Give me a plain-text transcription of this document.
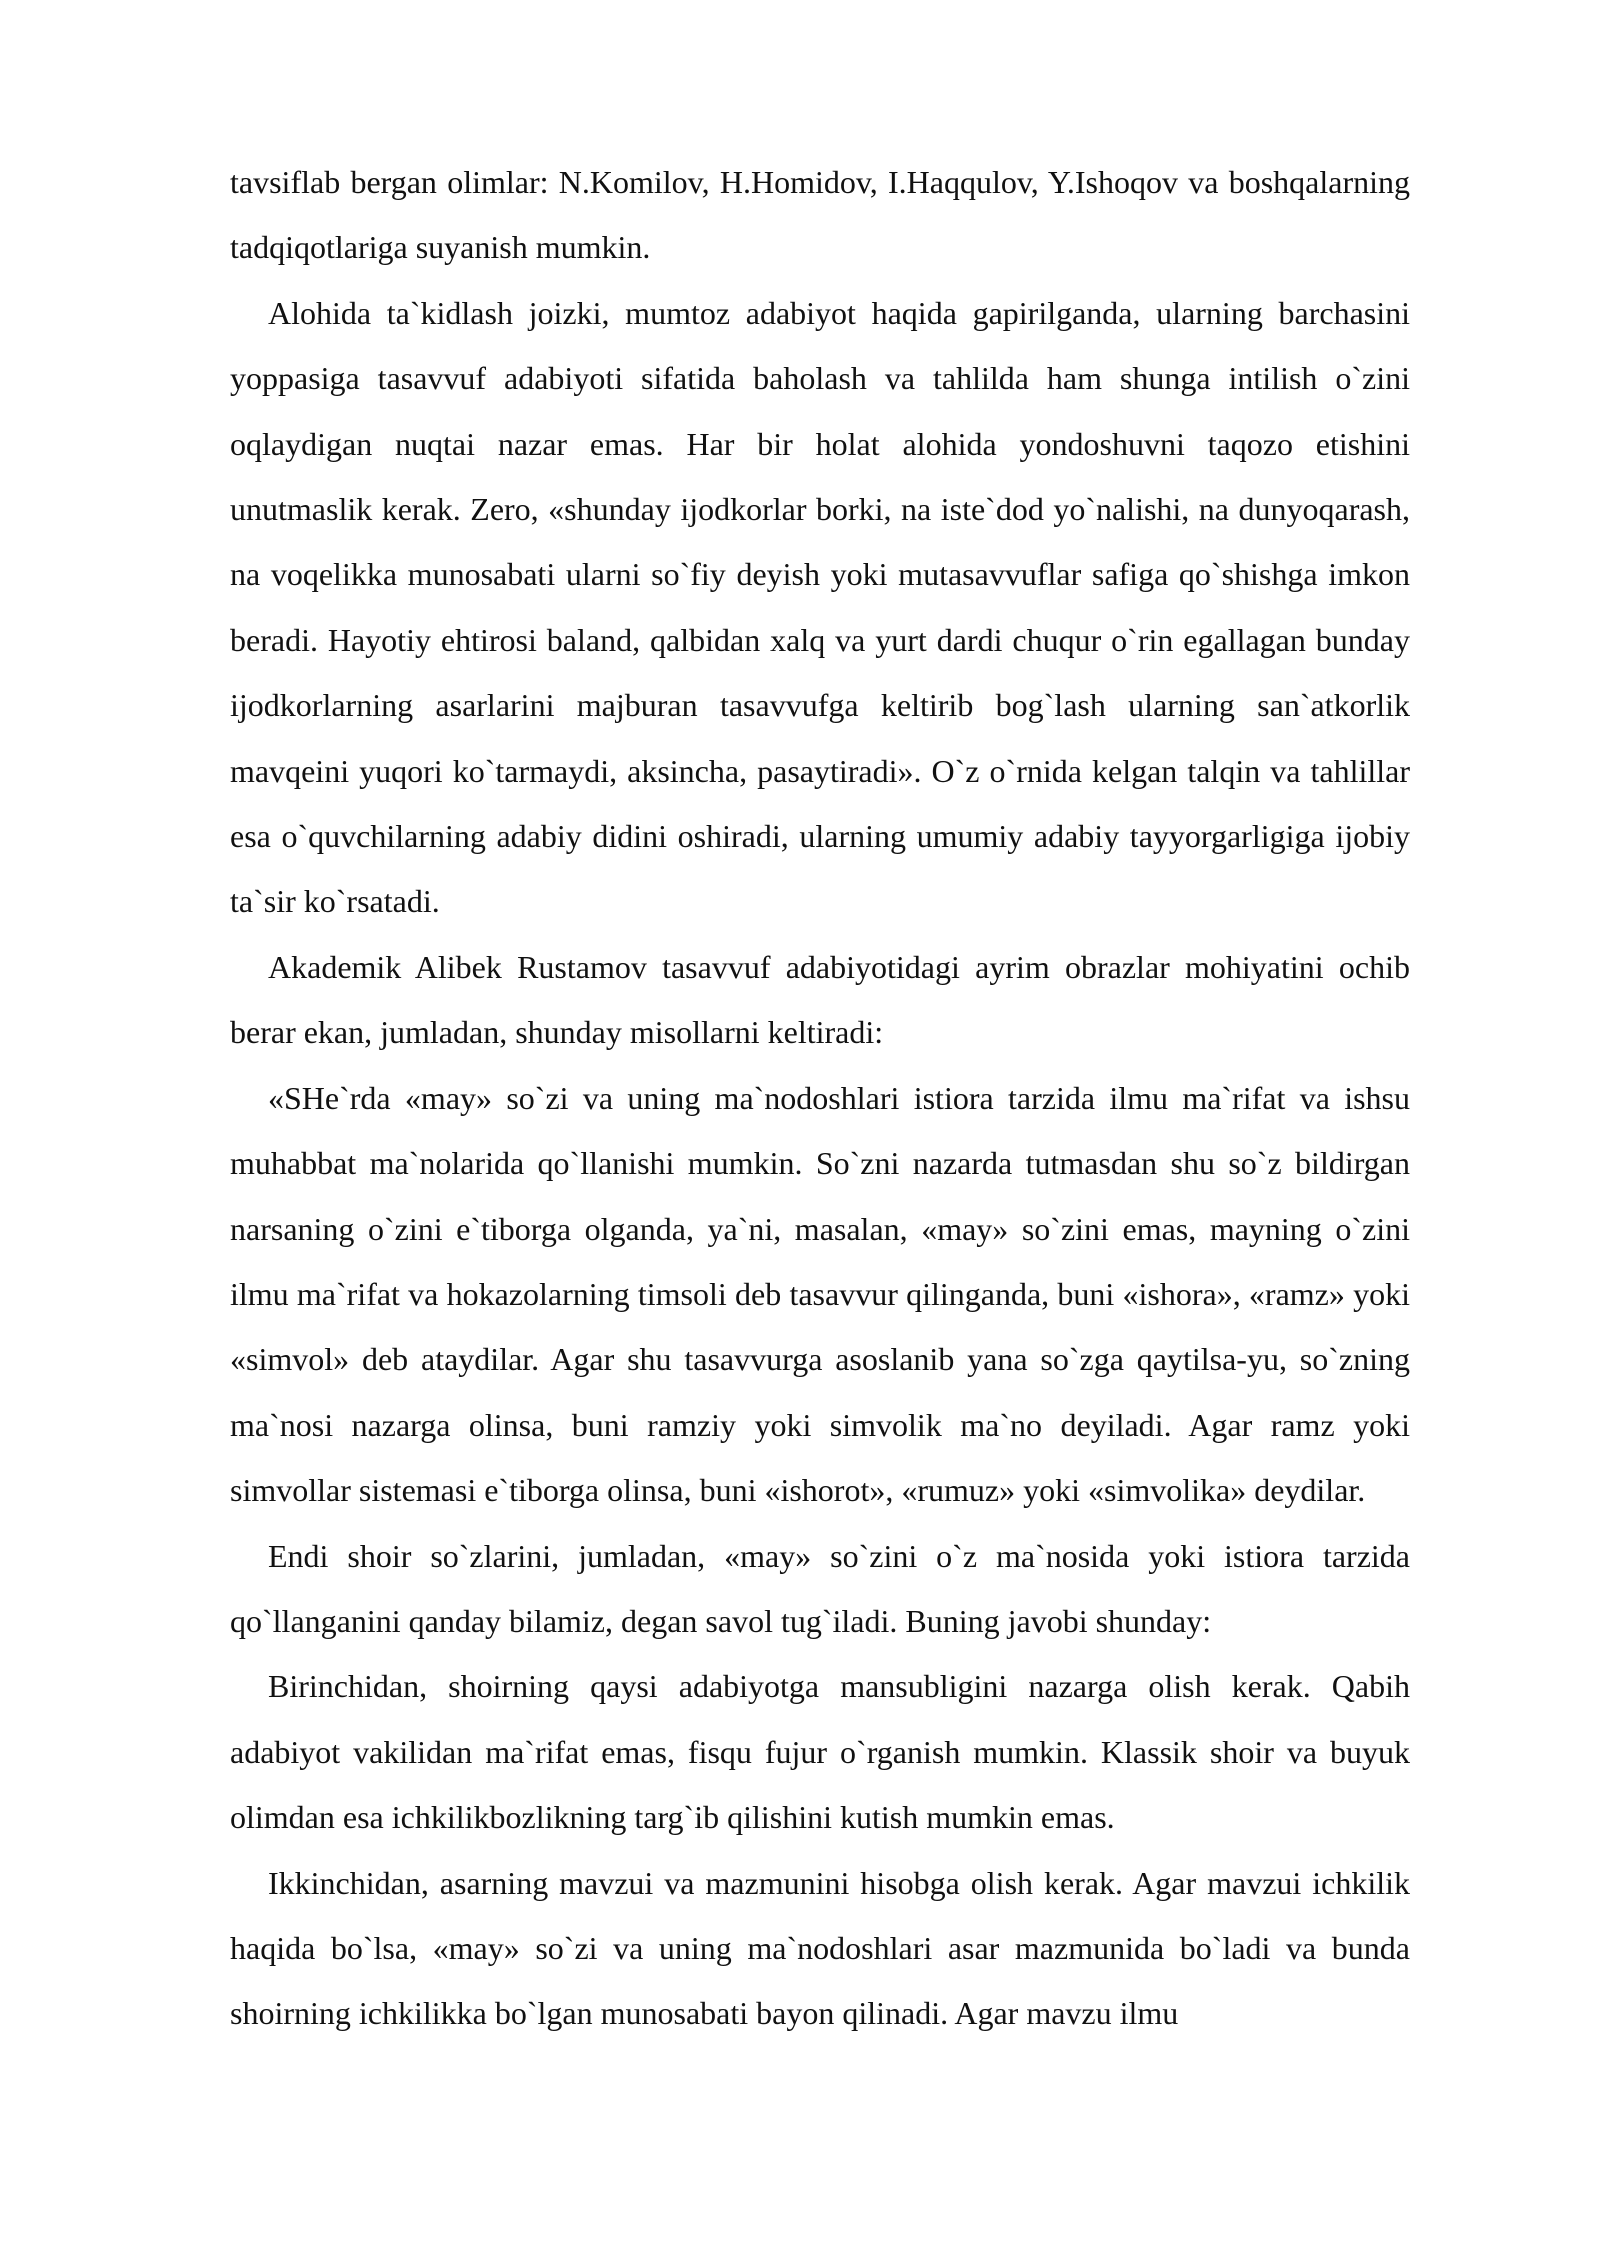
tavsiflab bergan olimlar: N.Komilov, H.Homidov, I.Haqqulov, Y.Ishoqov va boshqalarning tadqiqotlariga suyanish mumkin.

Alohida ta`kidlash joizki, mumtoz adabiyot haqida gapirilganda, ularning barchasini yoppasiga tasavvuf adabiyoti sifatida baholash va tahlilda ham shunga intilish o`zini oqlaydigan nuqtai nazar emas. Har bir holat alohida yondoshuvni taqozo etishini unutmaslik kerak. Zero, «shunday ijodkorlar borki, na iste`dod yo`nalishi, na dunyoqarash, na voqelikka munosabati ularni so`fiy deyish yoki mutasavvuflar safiga qo`shishga imkon beradi. Hayotiy ehtirosi baland, qalbidan xalq va yurt dardi chuqur o`rin egallagan bunday ijodkorlarning asarlarini majburan tasavvufga keltirib bog`lash ularning san`atkorlik mavqeini yuqori ko`tarmaydi, aksincha, pasaytiradi». O`z o`rnida kelgan talqin va tahlillar esa o`quvchilarning adabiy didini oshiradi, ularning umumiy adabiy tayyorgarligiga ijobiy ta`sir ko`rsatadi.

Akademik Alibek Rustamov tasavvuf adabiyotidagi ayrim obrazlar mohiyatini ochib berar ekan, jumladan, shunday misollarni keltiradi:

«SHe`rda «may» so`zi va uning ma`nodoshlari istiora tarzida ilmu ma`rifat va ishsu muhabbat ma`nolarida qo`llanishi mumkin. So`zni nazarda tutmasdan shu so`z bildirgan narsaning o`zini e`tiborga olganda, ya`ni, masalan, «may» so`zini emas, mayning o`zini ilmu ma`rifat va hokazolarning timsoli deb tasavvur qilinganda, buni «ishora», «ramz» yoki «simvol» deb ataydilar. Agar shu tasavvurga asoslanib yana so`zga qaytilsa-yu, so`zning ma`nosi nazarga olinsa, buni ramziy yoki simvolik ma`no deyiladi. Agar ramz yoki simvollar sistemasi e`tiborga olinsa, buni «ishorot», «rumuz» yoki «simvolika» deydilar.

Endi shoir so`zlarini, jumladan, «may» so`zini o`z ma`nosida yoki istiora tarzida qo`llanganini qanday bilamiz, degan savol tug`iladi. Buning javobi shunday:

Birinchidan, shoirning qaysi adabiyotga mansubligini nazarga olish kerak. Qabih adabiyot vakilidan ma`rifat emas, fisqu fujur o`rganish mumkin. Klassik shoir va buyuk olimdan esa ichkilikbozlikning targ`ib qilishini kutish mumkin emas.

Ikkinchidan, asarning mavzui va mazmunini hisobga olish kerak. Agar mavzui ichkilik haqida bo`lsa, «may» so`zi va uning ma`nodoshlari asar mazmunida bo`ladi va bunda shoirning ichkilikka bo`lgan munosabati bayon qilinadi. Agar mavzu ilmu
